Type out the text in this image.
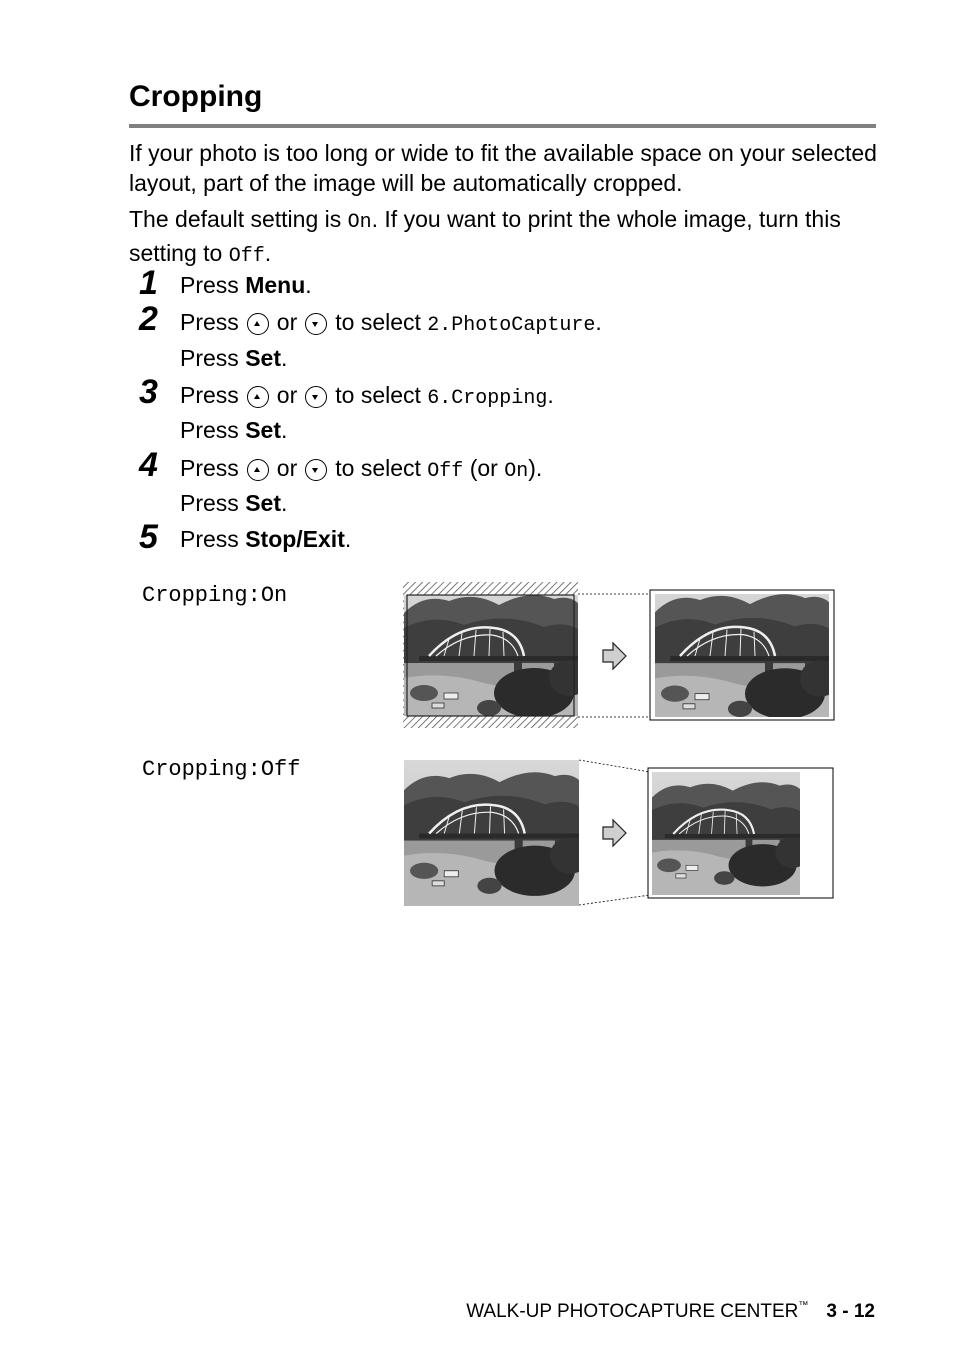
Cropping
If your photo is too long or wide to fit the available space on your selected layout, part of the image will be automatically cropped.
The default setting is On. If you want to print the whole image, turn this setting to Off.
1 Press Menu.
2 Press or to select 2.PhotoCapture.
Press Set.
3 Press or to select 6.Cropping.
Press Set.
4 Press or to select Off (or On).
Press Set.
5 Press Stop/Exit.
Cropping:On
Cropping:Off
WALK-UP PHOTOCAPTURE CENTER™ 3 - 12
